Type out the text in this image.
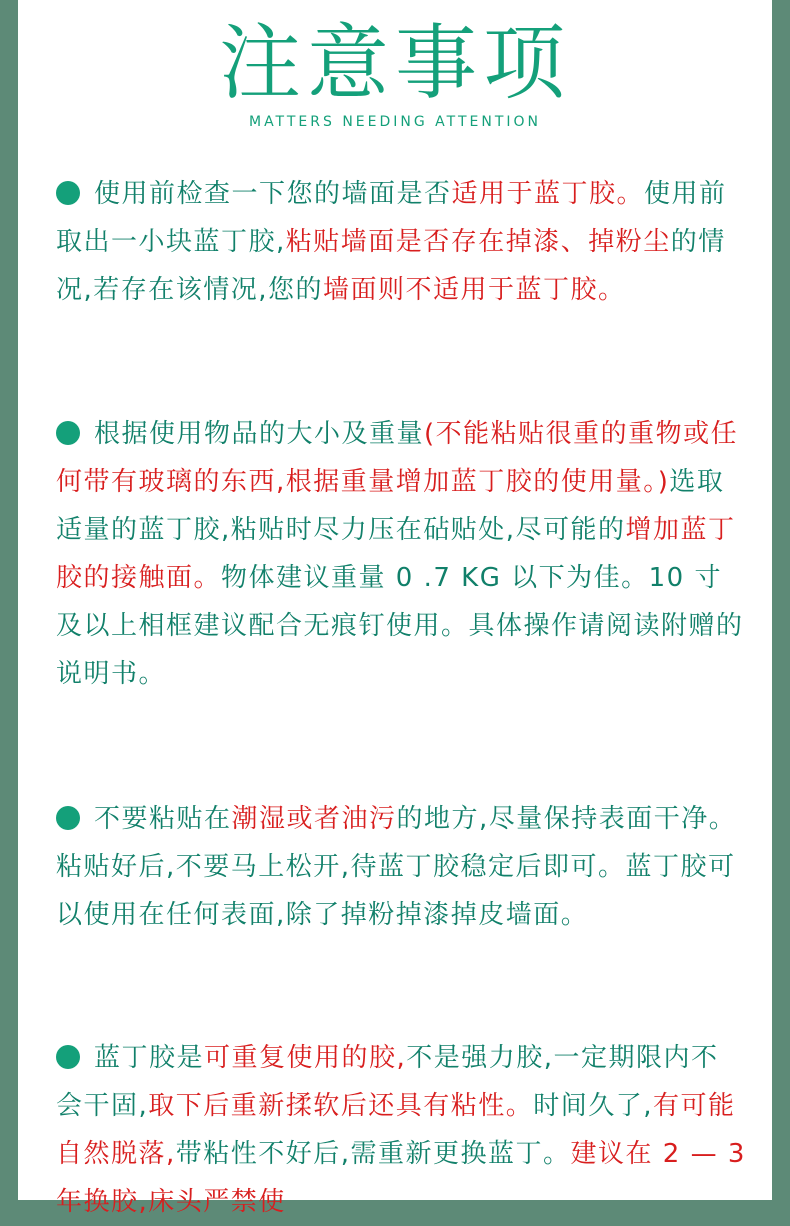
注意事项
MATTERS NEEDING ATTENTION
使用前检查一下您的墙面是否适用于蓝丁胶。使用前取出一小块蓝丁胶,粘贴墙面是否存在掉漆、掉粉尘的情况,若存在该情况,您的墙面则不适用于蓝丁胶。
根据使用物品的大小及重量(不能粘贴很重的重物或任何带有玻璃的东西,根据重量增加蓝丁胶的使用量。)选取适量的蓝丁胶,粘贴时尽力压在砧贴处,尽可能的增加蓝丁胶的接触面。物体建议重量 0 .7 KG 以下为佳。10 寸及以上相框建议配合无痕钉使用。具体操作请阅读附赠的说明书。
不要粘贴在潮湿或者油污的地方,尽量保持表面干净。粘贴好后,不要马上松开,待蓝丁胶稳定后即可。蓝丁胶可以使用在任何表面,除了掉粉掉漆掉皮墙面。
蓝丁胶是可重复使用的胶,不是强力胶,一定期限内不会干固,取下后重新揉软后还具有粘性。时间久了,有可能自然脱落,带粘性不好后,需重新更换蓝丁。建议在 2 — 3 年换胶,床头严禁使
